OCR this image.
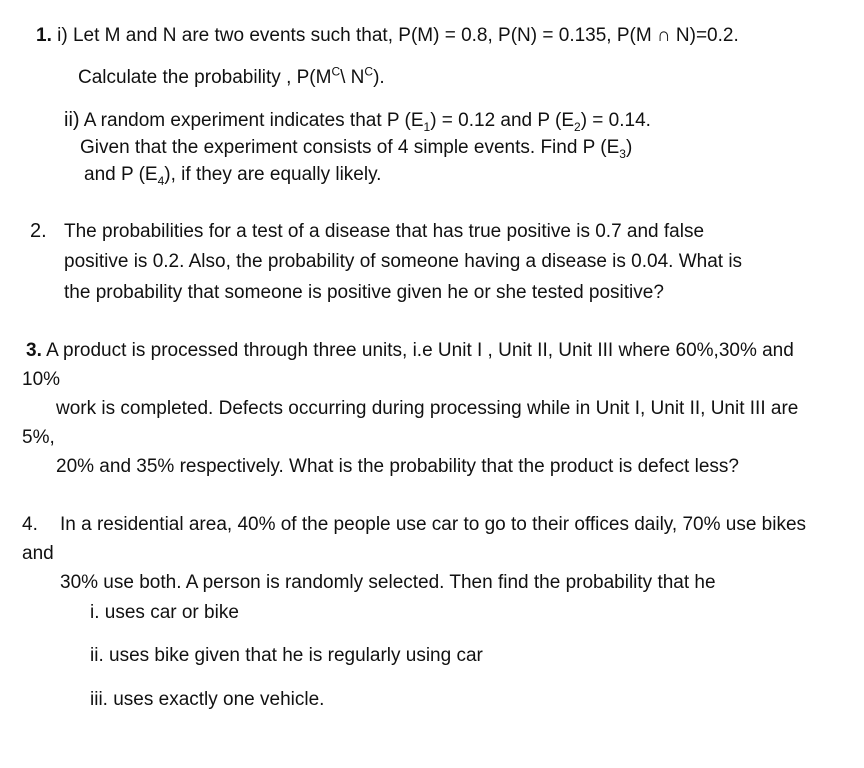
1. i) Let M and N are two events such that, P(M) = 0.8, P(N) = 0.135, P(M ∩ N)=0.2.
Calculate the probability , $P(M^C\backslash$ $N^C$).
ii) A random experiment indicates that P $(E_1) = 0.12$ and P $(E_2) = 0.14$.
Given that the experiment consists of 4 simple events. Find P $(E_3)$
and P $(E_4)$, if they are equally likely.
2. The probabilities for a test of a disease that has true positive is 0.7 and false
positive is 0.2. Also, the probability of someone having a disease is 0.04. What is
the probability that someone is positive given he or she tested positive?
3. A product is processed through three units, i.e Unit I , Unit II, Unit III where 60%,30% and
10%
work is completed. Defects occurring during processing while in Unit I, Unit II, Unit III are
5%,
20% and 35% respectively. What is the probability that the product is defect less?
4. In a residential area, 40% of the people use car to go to their offices daily, 70% use bikes
and
30% use both. A person is randomly selected. Then find the probability that he
i. uses car or bike
ii. uses bike given that he is regularly using car
iii. uses exactly one vehicle.
